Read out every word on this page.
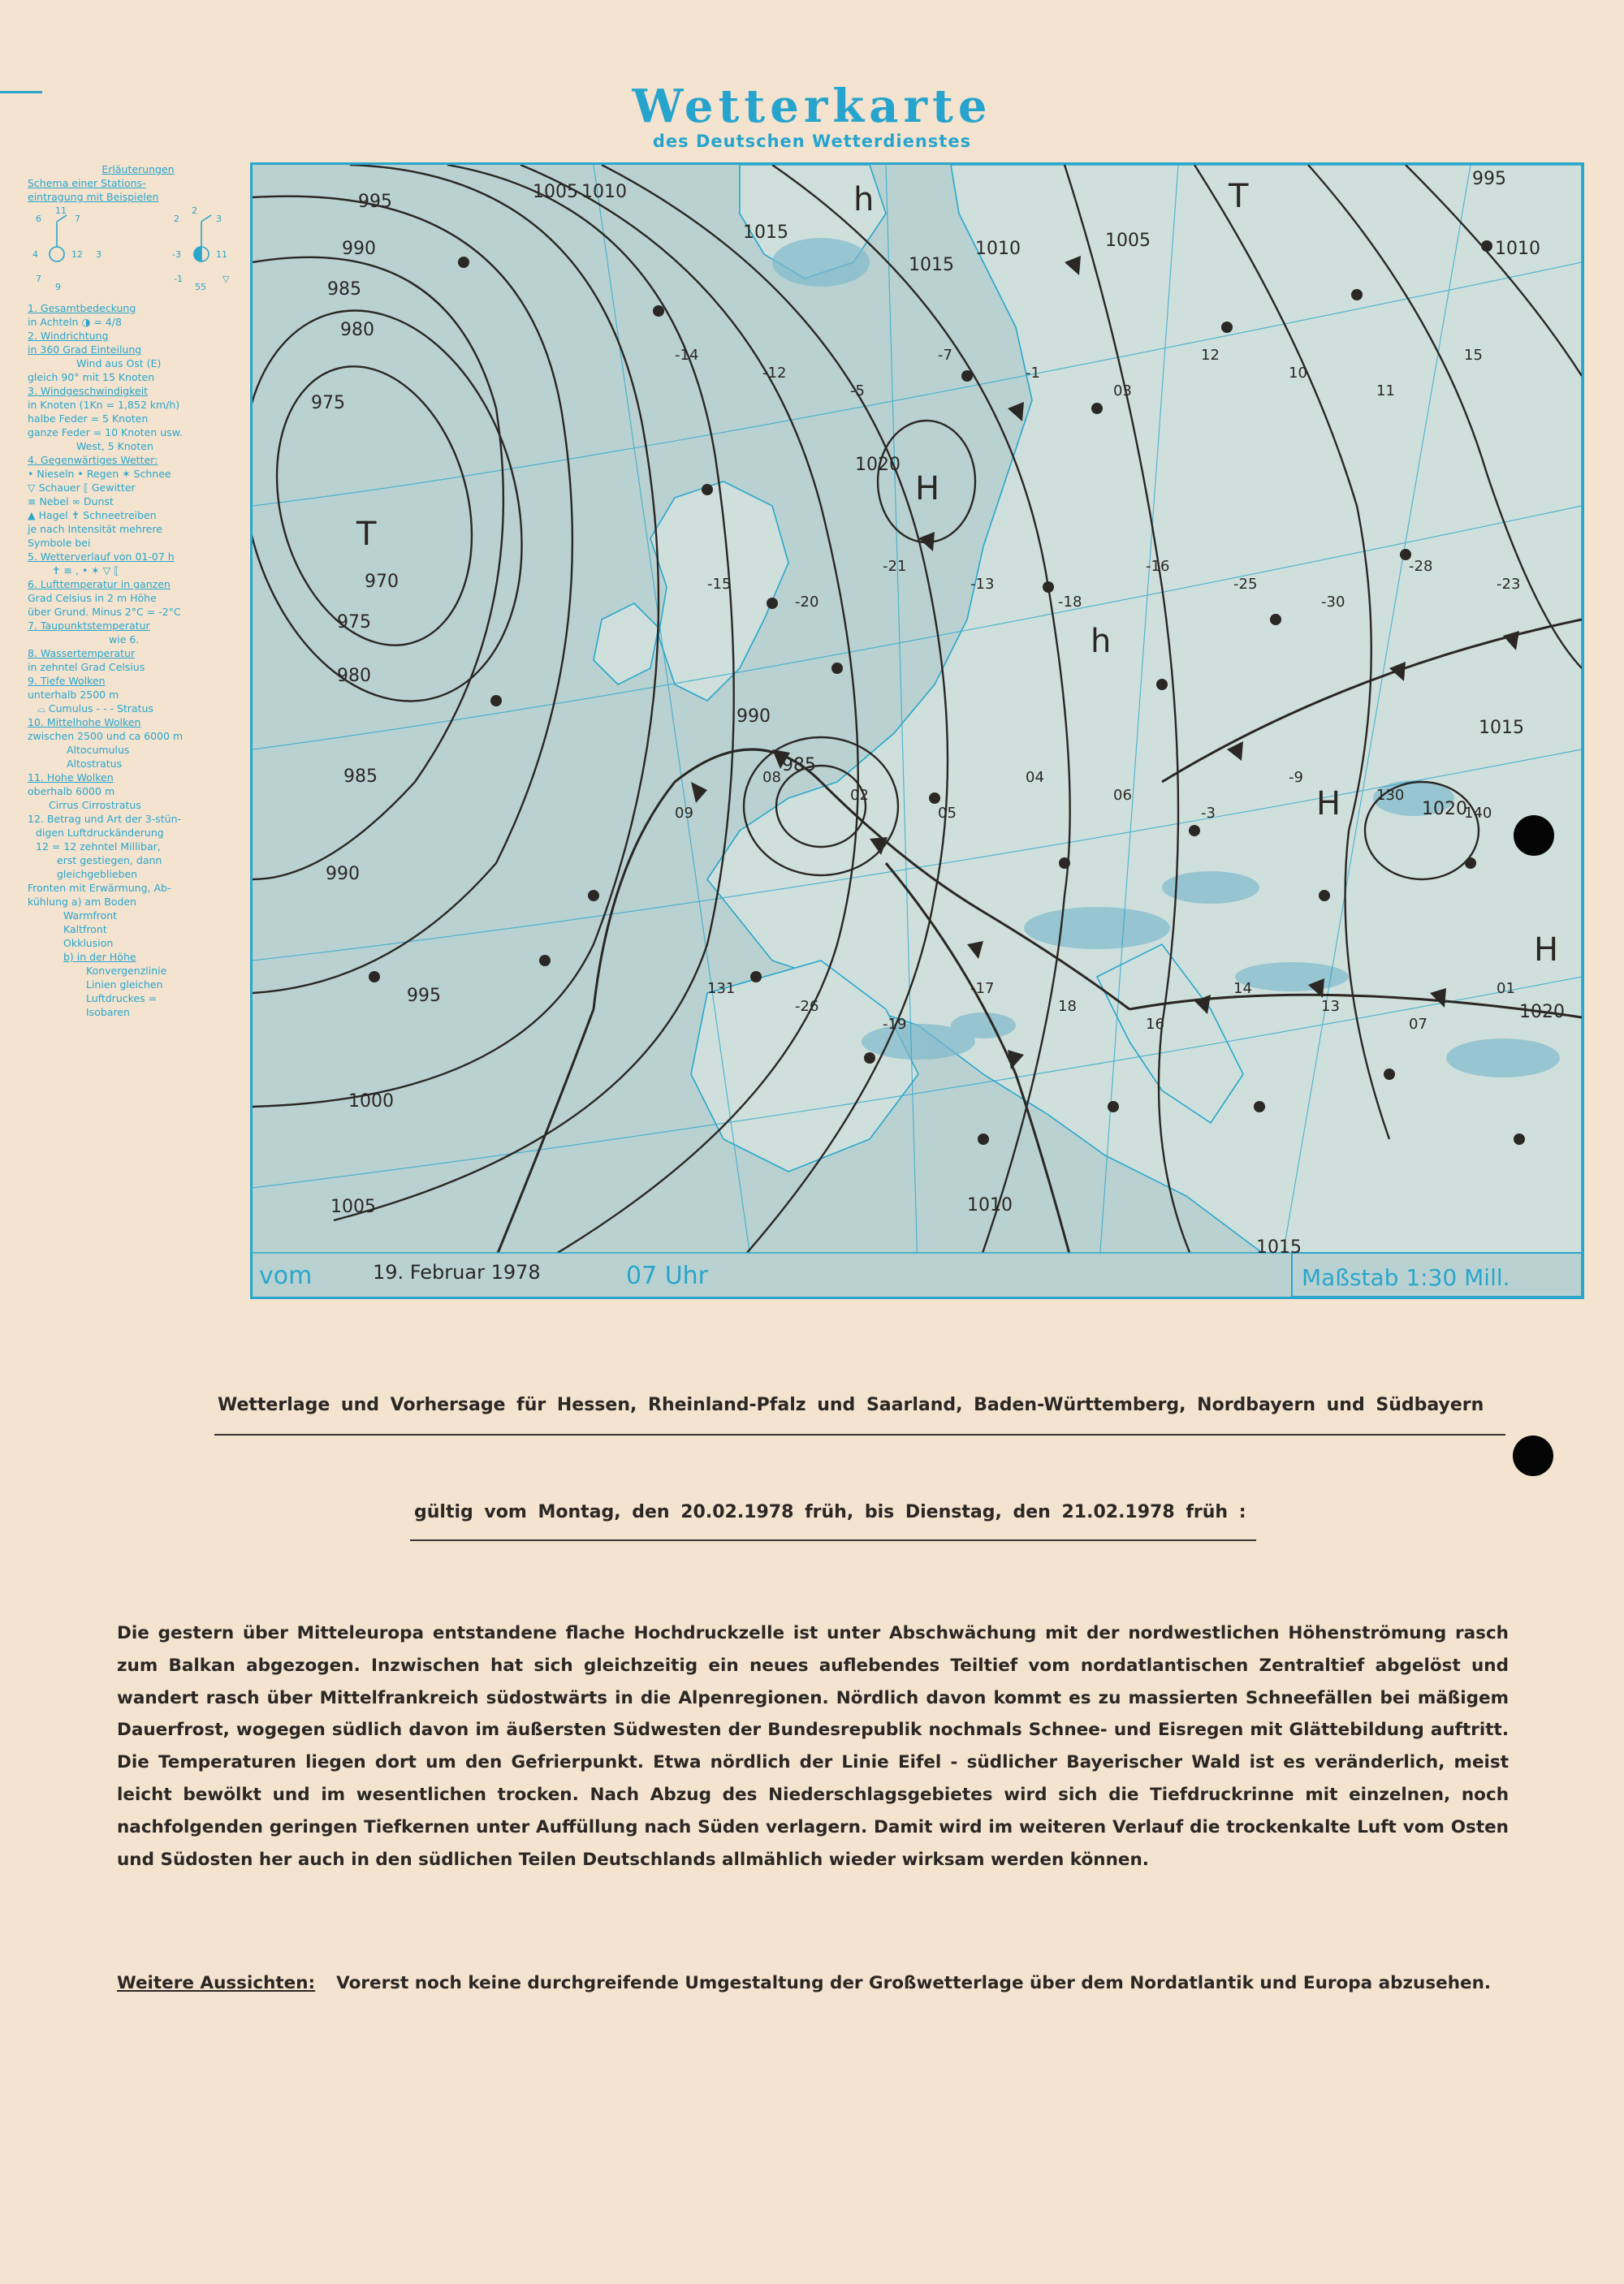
Wetterkarte
des Deutschen Wetterdienstes
Erläuterungen
Schema einer Stations-
eintragung mit Beispielen
6
11
7
4	12
7
9
3
2
2
3
-3	11
-1
55
▽
1. Gesamtbedeckung
in Achteln ◑ = 4/8
2. Windrichtung
in 360 Grad Einteilung
Wind aus Ost (E)
gleich 90° mit 15 Knoten
3. Windgeschwindigkeit
in Knoten (1Kn = 1,852 km/h)
halbe Feder = 5 Knoten
ganze Feder = 10 Knoten usw.
West, 5 Knoten
4. Gegenwärtiges Wetter:
• Nieseln • Regen ✶ Schnee
▽ Schauer ⟦ Gewitter
≡ Nebel ∞ Dunst
▲ Hagel ✝ Schneetreiben
je nach Intensität mehrere
Symbole bei
5. Wetterverlauf von 01-07 h
✝ ≡ , • ✶ ▽ ⟦
6. Lufttemperatur in ganzen
Grad Celsius in 2 m Höhe
über Grund. Minus 2°C = -2°C
7. Taupunktstemperatur
wie 6.
8. Wassertemperatur
in zehntel Grad Celsius
9. Tiefe Wolken
unterhalb 2500 m
⌓ Cumulus - - - Stratus
10. Mittelhohe Wolken
zwischen 2500 und ca 6000 m
Altocumulus
Altostratus
11. Hohe Wolken
oberhalb 6000 m
Cirrus Cirrostratus
12. Betrag und Art der 3-stün-
digen Luftdruckänderung
12 = 12 zehntel Millibar,
erst gestiegen, dann
gleichgeblieben
Fronten mit Erwärmung, Ab-
kühlung a) am Boden
Warmfront
Kaltfront
Okklusion
b) in der Höhe
Konvergenzlinie
Linien gleichen
Luftdruckes =
Isobaren
995
990
985
980
975
970
975
980
985
990
995
1000
1005
1005 1010
1015
1010	1005
1015
1020
1010
1015
1020
990
985
1010
1015
1020
995
T
H
h
h
H
H
T
-14
-12
-5
-7
-1
03
12
10
11
15
-15
-20
-21
-13
-18
-16
-25
-30
-28
-23
09
08
02
05
04
06
-3
-9
130
140
131
-26
-19
-17
18
16
14
13
07
01
vom	19. Februar 1978	07 Uhr	Maßstab 1:30 Mill.
Wetterlage und Vorhersage für Hessen, Rheinland-Pfalz und Saarland, Baden-Württemberg, Nordbayern und Südbayern
gültig vom Montag, den 20.02.1978 früh, bis Dienstag, den 21.02.1978 früh :
Die gestern über Mitteleuropa entstandene flache Hochdruckzelle ist unter Abschwächung mit der nordwestlichen Höhenströmung rasch zum Balkan abgezogen. Inzwischen hat sich gleichzeitig ein neues auflebendes Teiltief vom nordatlantischen Zentraltief abgelöst und wandert rasch über Mittelfrankreich südostwärts in die Alpenregionen. Nördlich davon kommt es zu massierten Schneefällen bei mäßigem Dauerfrost, wogegen südlich davon im äußersten Südwesten der Bundesrepublik nochmals Schnee- und Eisregen mit Glättebildung auftritt. Die Temperaturen liegen dort um den Gefrierpunkt. Etwa nördlich der Linie Eifel - südlicher Bayerischer Wald ist es veränderlich, meist leicht bewölkt und im wesentlichen trocken. Nach Abzug des Niederschlagsgebietes wird sich die Tiefdruckrinne mit einzelnen, noch nachfolgenden geringen Tiefkernen unter Auffüllung nach Süden verlagern. Damit wird im weiteren Verlauf die trockenkalte Luft vom Osten und Südosten her auch in den südlichen Teilen Deutschlands allmählich wieder wirksam werden können.
Weitere Aussichten: Vorerst noch keine durchgreifende Umgestaltung der Großwetterlage über dem Nordatlantik und Europa abzusehen.
